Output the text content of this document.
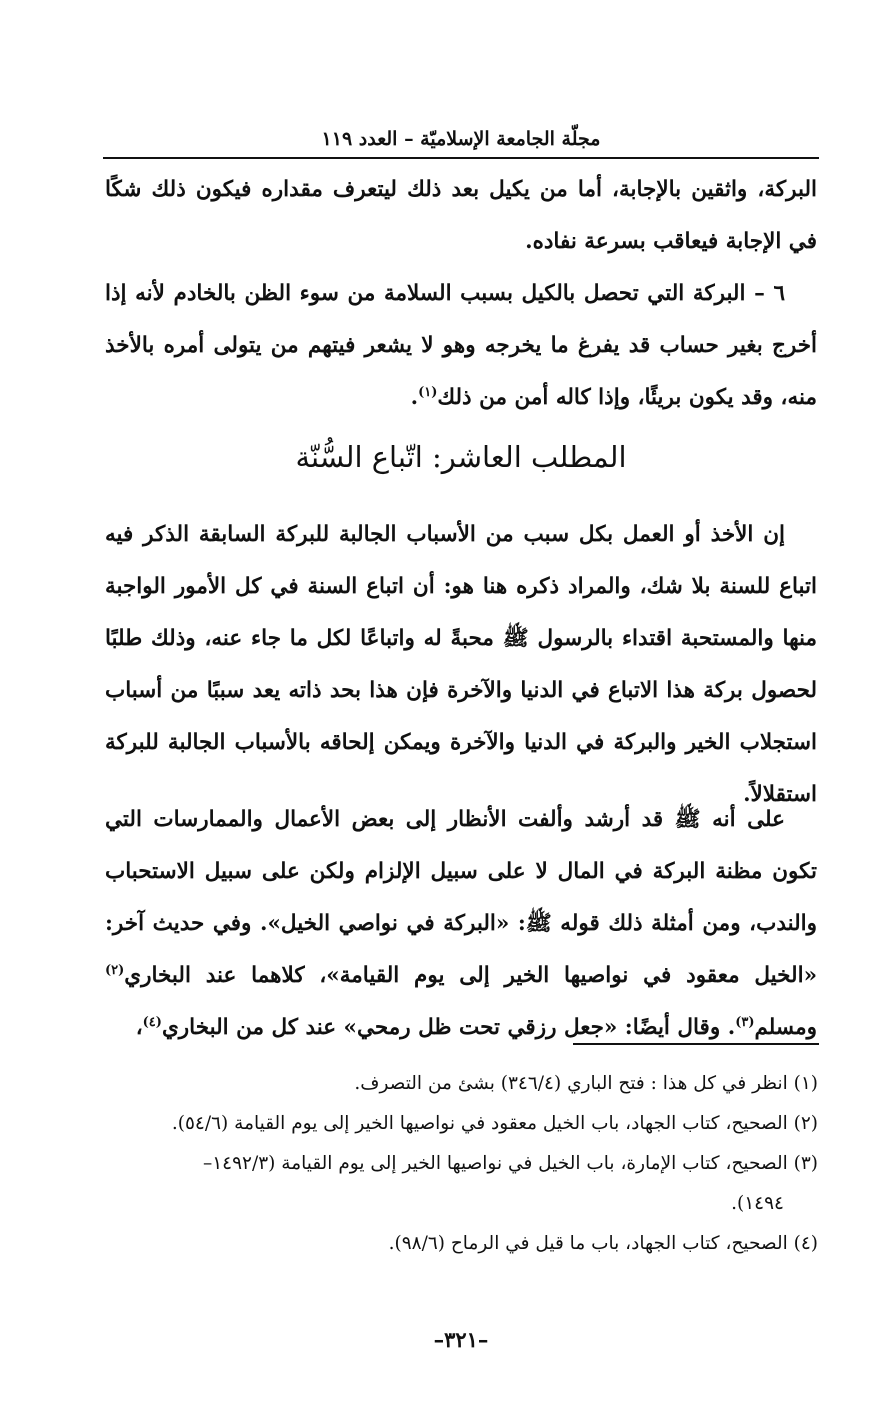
مجلّة الجامعة الإسلاميّة – العدد ١١٩

البركة، واثقين بالإجابة، أما من يكيل بعد ذلك ليتعرف مقداره فيكون ذلك شكًا في الإجابة فيعاقب بسرعة نفاده.

٦ – البركة التي تحصل بالكيل بسبب السلامة من سوء الظن بالخادم لأنه إذا أخرج بغير حساب قد يفرغ ما يخرجه وهو لا يشعر فيتهم من يتولى أمره بالأخذ منه، وقد يكون بريئًا، وإذا كاله أمن من ذلك$^{(١)}$.

المطلب العاشر: اتّباع السُّنّة

إن الأخذ أو العمل بكل سبب من الأسباب الجالبة للبركة السابقة الذكر فيه اتباع للسنة بلا شك، والمراد ذكره هنا هو: أن اتباع السنة في كل الأمور الواجبة منها والمستحبة اقتداء بالرسول ﷺ محبةً له واتباعًا لكل ما جاء عنه، وذلك طلبًا لحصول بركة هذا الاتباع في الدنيا والآخرة فإن هذا بحد ذاته يعد سببًا من أسباب استجلاب الخير والبركة في الدنيا والآخرة ويمكن إلحاقه بالأسباب الجالبة للبركة استقلالاً.

على أنه ﷺ قد أرشد وألفت الأنظار إلى بعض الأعمال والممارسات التي تكون مظنة البركة في المال لا على سبيل الإلزام ولكن على سبيل الاستحباب والندب، ومن أمثلة ذلك قوله ﷺ: «البركة في نواصي الخيل». وفي حديث آخر: «الخيل معقود في نواصيها الخير إلى يوم القيامة»، كلاهما عند البخاري$^{(٢)}$ ومسلم$^{(٣)}$. وقال أيضًا: «جعل رزقي تحت ظل رمحي» عند كل من البخاري$^{(٤)}$،

(١) انظر في كل هذا : فتح الباري (٣٤٦/٤) بشئ من التصرف.

(٢) الصحيح، كتاب الجهاد، باب الخيل معقود في نواصيها الخير إلى يوم القيامة (٥٤/٦).

(٣) الصحيح، كتاب الإمارة، باب الخيل في نواصيها الخير إلى يوم القيامة (١٤٩٢/٣–

١٤٩٤).

(٤) الصحيح، كتاب الجهاد، باب ما قيل في الرماح (٩٨/٦).

–٣٢١–
